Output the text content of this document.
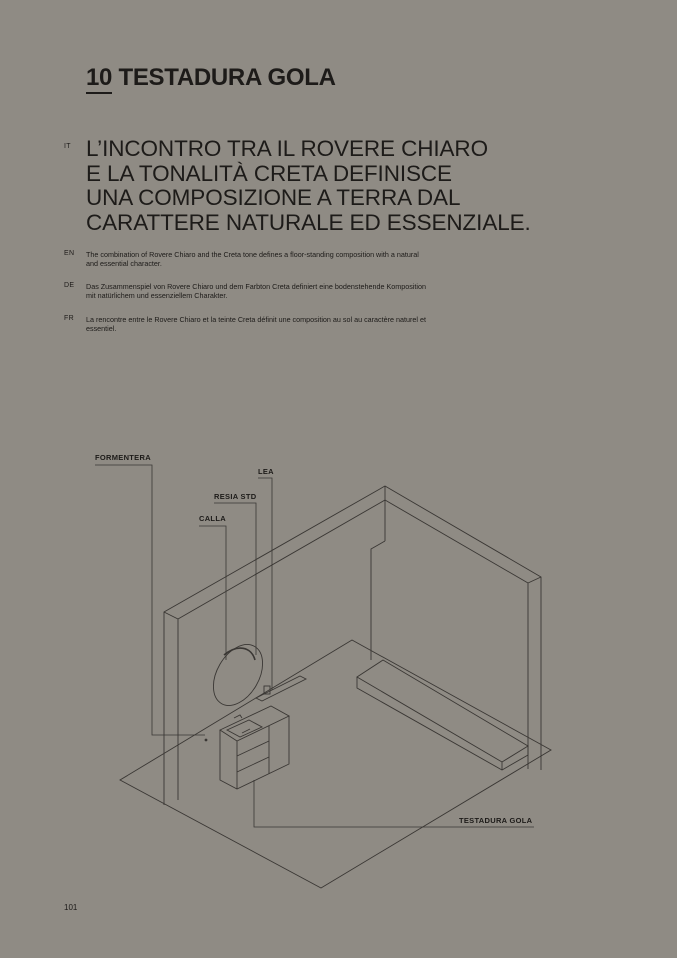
10 TESTADURA GOLA
IT L’INCONTRO TRA IL ROVERE CHIARO
E LA TONALITÀ CRETA DEFINISCE
UNA COMPOSIZIONE A TERRA DAL
CARATTERE NATURALE ED ESSENZIALE.
EN The combination of Rovere Chiaro and the Creta tone defines a floor-standing composition with a natural and essential character.

DE Das Zusammenspiel von Rovere Chiaro und dem Farbton Creta definiert eine bodenstehende Komposition mit natürlichem und essenziellem Charakter.

FR La rencontre entre le Rovere Chiaro et la teinte Creta définit une composition au sol au caractère naturel et essentiel.

FORMENTERA
LEA
RESIA STD
CALLA
TESTADURA GOLA
101
